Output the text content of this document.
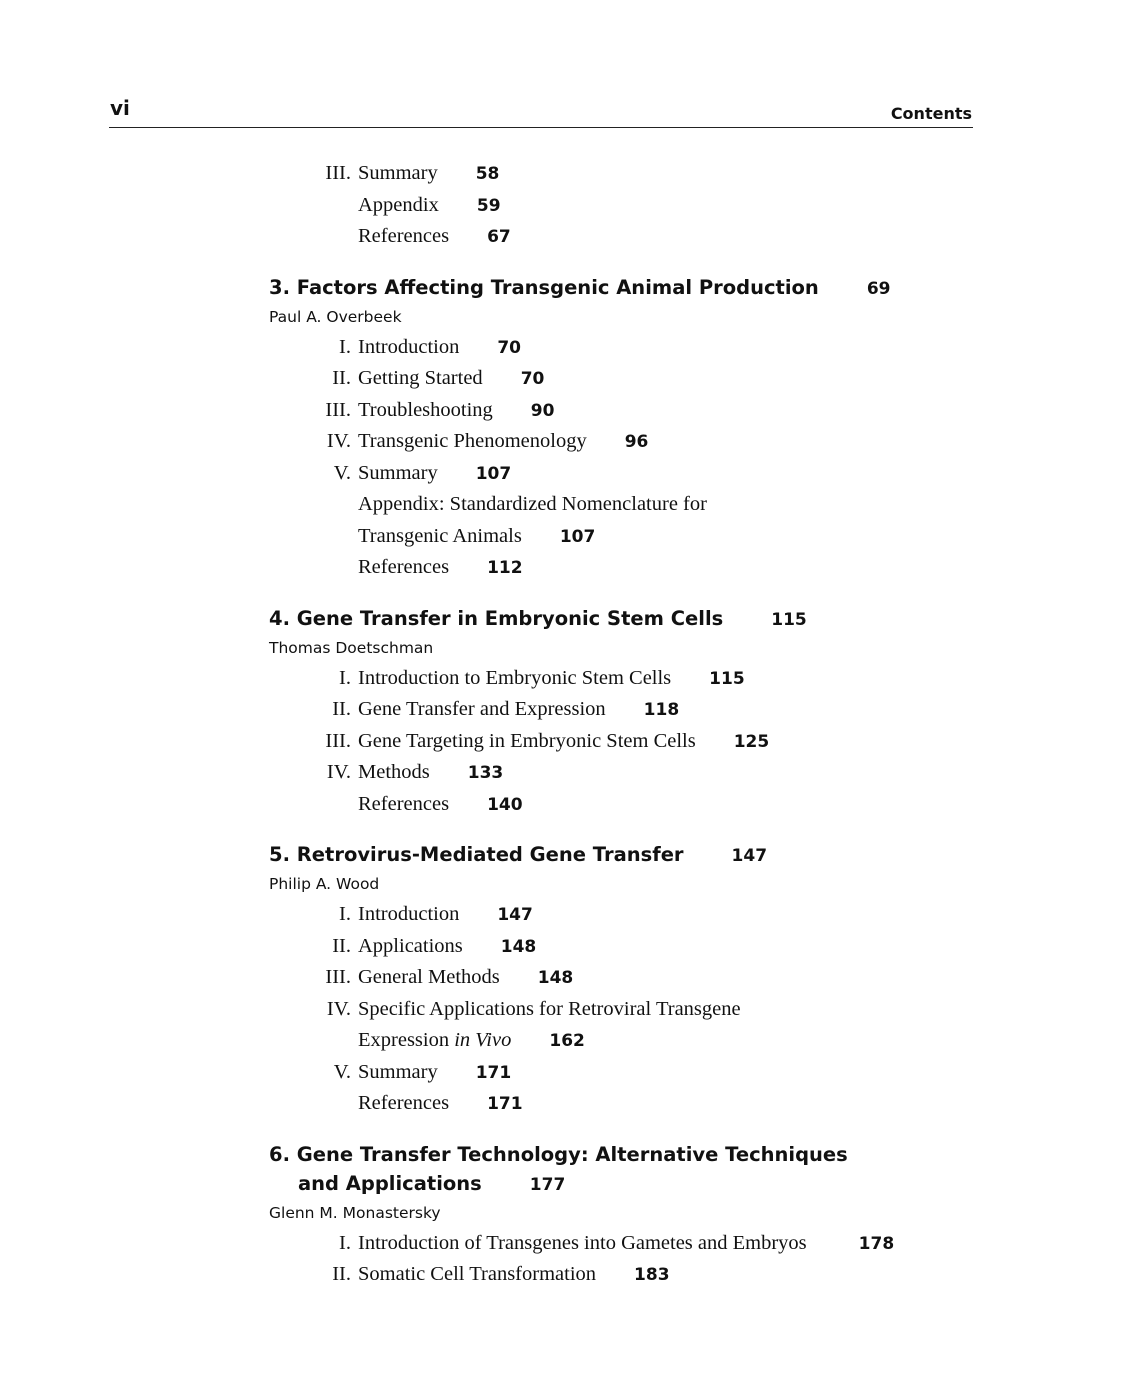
vi	Contents
III. Summary 58
Appendix 59
References 67
3. Factors Affecting Transgenic Animal Production	69
Paul A. Overbeek
I. Introduction 70
II. Getting Started 70
III. Troubleshooting 90
IV. Transgenic Phenomenology 96
V. Summary 107
Appendix: Standardized Nomenclature for
Transgenic Animals 107
References 112
4. Gene Transfer in Embryonic Stem Cells	115
Thomas Doetschman
I. Introduction to Embryonic Stem Cells 115
II. Gene Transfer and Expression 118
III. Gene Targeting in Embryonic Stem Cells 125
IV. Methods 133
References 140
5. Retrovirus-Mediated Gene Transfer	147
Philip A. Wood
I. Introduction 147
II. Applications 148
III. General Methods 148
IV. Specific Applications for Retroviral Transgene
Expression in Vivo 162
V. Summary 171
References 171
6. Gene Transfer Technology: Alternative Techniques
and Applications	177
Glenn M. Monastersky
I. Introduction of Transgenes into Gametes and Embryos	178
II. Somatic Cell Transformation 183
